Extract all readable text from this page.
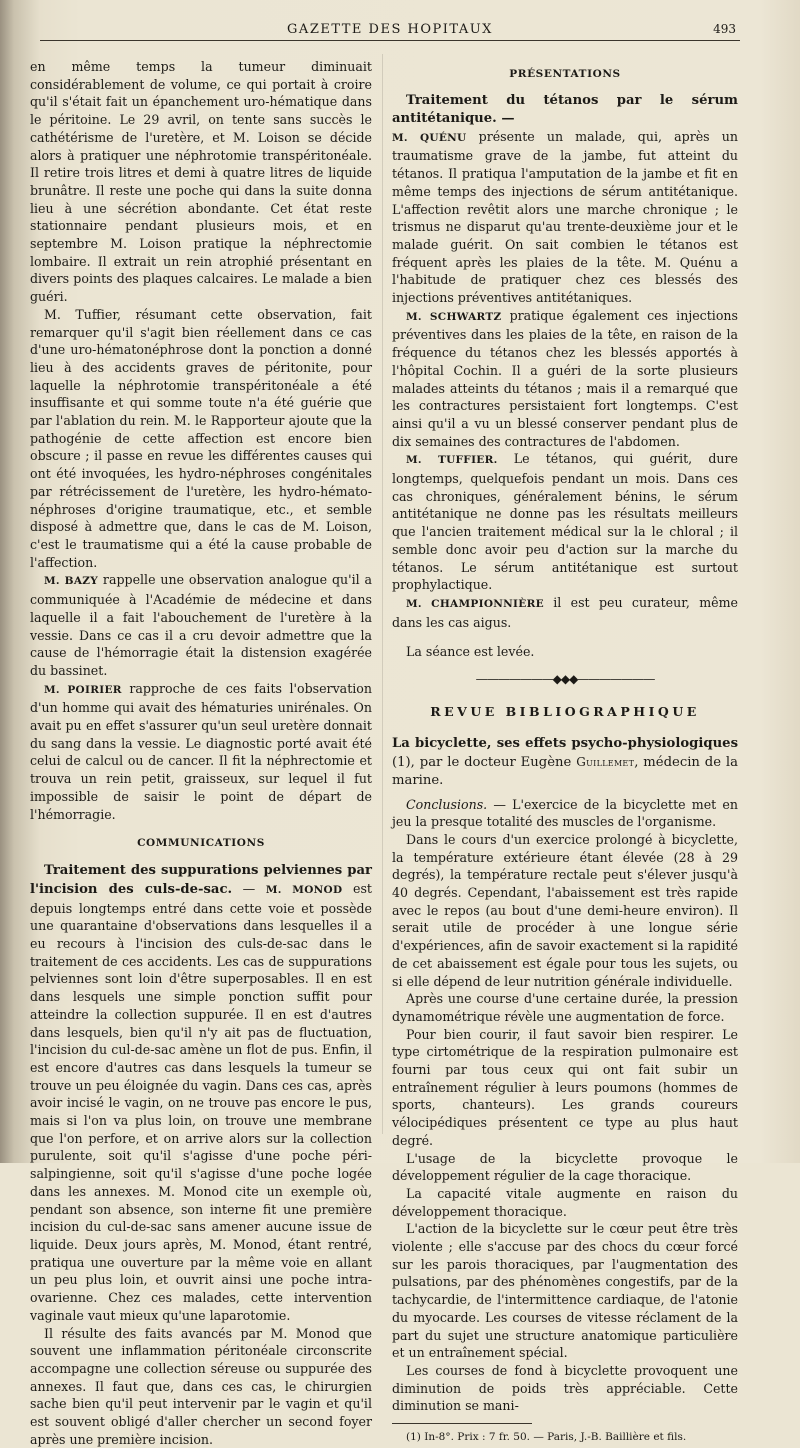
GAZETTE DES HOPITAUX	493

en même temps la tumeur diminuait considérablement de volume, ce qui portait à croire qu'il s'était fait un épanchement uro-hématique dans le péritoine. Le 29 avril, on tente sans succès le cathétérisme de l'uretère, et M. Loison se décide alors à pratiquer une néphrotomie transpéritonéale. Il retire trois litres et demi à quatre litres de liquide brunâtre. Il reste une poche qui dans la suite donna lieu à une sécrétion abondante. Cet état reste stationnaire pendant plusieurs mois, et en septembre M. Loison pratique la néphrectomie lombaire. Il extrait un rein atrophié présentant en divers points des plaques calcaires. Le malade a bien guéri.

M. Tuffier, résumant cette observation, fait remarquer qu'il s'agit bien réellement dans ce cas d'une uro-hématonéphrose dont la ponction a donné lieu à des accidents graves de péritonite, pour laquelle la néphrotomie transpéritonéale a été insuffisante et qui somme toute n'a été guérie que par l'ablation du rein. M. le Rapporteur ajoute que la pathogénie de cette affection est encore bien obscure ; il passe en revue les différentes causes qui ont été invoquées, les hydro-néphroses congénitales par rétrécissement de l'uretère, les hydro-hémato-néphroses d'origine traumatique, etc., et semble disposé à admettre que, dans le cas de M. Loison, c'est le traumatisme qui a été la cause probable de l'affection.

M. BAZY rappelle une observation analogue qu'il a communiquée à l'Académie de médecine et dans laquelle il a fait l'abouchement de l'uretère à la vessie. Dans ce cas il a cru devoir admettre que la cause de l'hémorragie était la distension exagérée du bassinet.

M. POIRIER rapproche de ces faits l'observation d'un homme qui avait des hématuries unirénales. On avait pu en effet s'assurer qu'un seul uretère donnait du sang dans la vessie. Le diagnostic porté avait été celui de calcul ou de cancer. Il fit la néphrectomie et trouva un rein petit, graisseux, sur lequel il fut impossible de saisir le point de départ de l'hémorragie.

COMMUNICATIONS

Traitement des suppurations pelviennes par l'incision des culs-de-sac. — M. MONOD est depuis longtemps entré dans cette voie et possède une quarantaine d'observations dans lesquelles il a eu recours à l'incision des culs-de-sac dans le traitement de ces accidents. Les cas de suppurations pelviennes sont loin d'être superposables. Il en est dans lesquels une simple ponction suffit pour atteindre la collection suppurée. Il en est d'autres dans lesquels, bien qu'il n'y ait pas de fluctuation, l'incision du cul-de-sac amène un flot de pus. Enfin, il est encore d'autres cas dans lesquels la tumeur se trouve un peu éloignée du vagin. Dans ces cas, après avoir incisé le vagin, on ne trouve pas encore le pus, mais si l'on va plus loin, on trouve une membrane que l'on perfore, et on arrive alors sur la collection purulente, soit qu'il s'agisse d'une poche péri-salpingienne, soit qu'il s'agisse d'une poche logée dans les annexes. M. Monod cite un exemple où, pendant son absence, son interne fit une première incision du cul-de-sac sans amener aucune issue de liquide. Deux jours après, M. Monod, étant rentré, pratiqua une ouverture par la même voie en allant un peu plus loin, et ouvrit ainsi une poche intra-ovarienne. Chez ces malades, cette intervention vaginale vaut mieux qu'une laparotomie.

Il résulte des faits avancés par M. Monod que souvent une inflammation péritonéale circonscrite accompagne une collection séreuse ou suppurée des annexes. Il faut que, dans ces cas, le chirurgien sache bien qu'il peut intervenir par le vagin et qu'il est souvent obligé d'aller chercher un second foyer après une première incision.

PRÉSENTATIONS

Traitement du tétanos par le sérum antitétanique. —

M. QUÉNU présente un malade, qui, après un traumatisme grave de la jambe, fut atteint du tétanos. Il pratiqua l'amputation de la jambe et fit en même temps des injections de sérum antitétanique. L'affection revêtit alors une marche chronique ; le trismus ne disparut qu'au trente-deuxième jour et le malade guérit. On sait combien le tétanos est fréquent après les plaies de la tête. M. Quénu a l'habitude de pratiquer chez ces blessés des injections préventives antitétaniques.

M. SCHWARTZ pratique également ces injections préventives dans les plaies de la tête, en raison de la fréquence du tétanos chez les blessés apportés à l'hôpital Cochin. Il a guéri de la sorte plusieurs malades atteints du tétanos ; mais il a remarqué que les contractures persistaient fort longtemps. C'est ainsi qu'il a vu un blessé conserver pendant plus de dix semaines des contractures de l'abdomen.

M. TUFFIER. Le tétanos, qui guérit, dure longtemps, quelquefois pendant un mois. Dans ces cas chroniques, généralement bénins, le sérum antitétanique ne donne pas les résultats meilleurs que l'ancien traitement médical sur la le chloral ; il semble donc avoir peu d'action sur la marche du tétanos. Le sérum antitétanique est surtout prophylactique.

M. CHAMPIONNIÈRE il est peu curateur, même dans les cas aigus.

La séance est levée.

———————◆◆◆———————
REVUE BIBLIOGRAPHIQUE

La bicyclette, ses effets psycho-physiologiques (1), par le docteur Eugène Guillemet, médecin de la marine.

Conclusions. — L'exercice de la bicyclette met en jeu la presque totalité des muscles de l'organisme.

Dans le cours d'un exercice prolongé à bicyclette, la température extérieure étant élevée (28 à 29 degrés), la température rectale peut s'élever jusqu'à 40 degrés. Cependant, l'abaissement est très rapide avec le repos (au bout d'une demi-heure environ). Il serait utile de procéder à une longue série d'expériences, afin de savoir exactement si la rapidité de cet abaissement est égale pour tous les sujets, ou si elle dépend de leur nutrition générale individuelle.

Après une course d'une certaine durée, la pression dynamométrique révèle une augmentation de force.

Pour bien courir, il faut savoir bien respirer. Le type cirtométrique de la respiration pulmonaire est fourni par tous ceux qui ont fait subir un entraînement régulier à leurs poumons (hommes de sports, chanteurs). Les grands coureurs vélocipédiques présentent ce type au plus haut degré.

L'usage de la bicyclette provoque le développement régulier de la cage thoracique.

La capacité vitale augmente en raison du développement thoracique.

L'action de la bicyclette sur le cœur peut être très violente ; elle s'accuse par des chocs du cœur forcé sur les parois thoraciques, par l'augmentation des pulsations, par des phénomènes congestifs, par de la tachycardie, de l'intermittence cardiaque, de l'atonie du myocarde. Les courses de vitesse réclament de la part du sujet une structure anatomique particulière et un entraînement spécial.

Les courses de fond à bicyclette provoquent une diminution de poids très appréciable. Cette diminution se mani-

(1) In-8°. Prix : 7 fr. 50. — Paris, J.-B. Baillière et fils.
